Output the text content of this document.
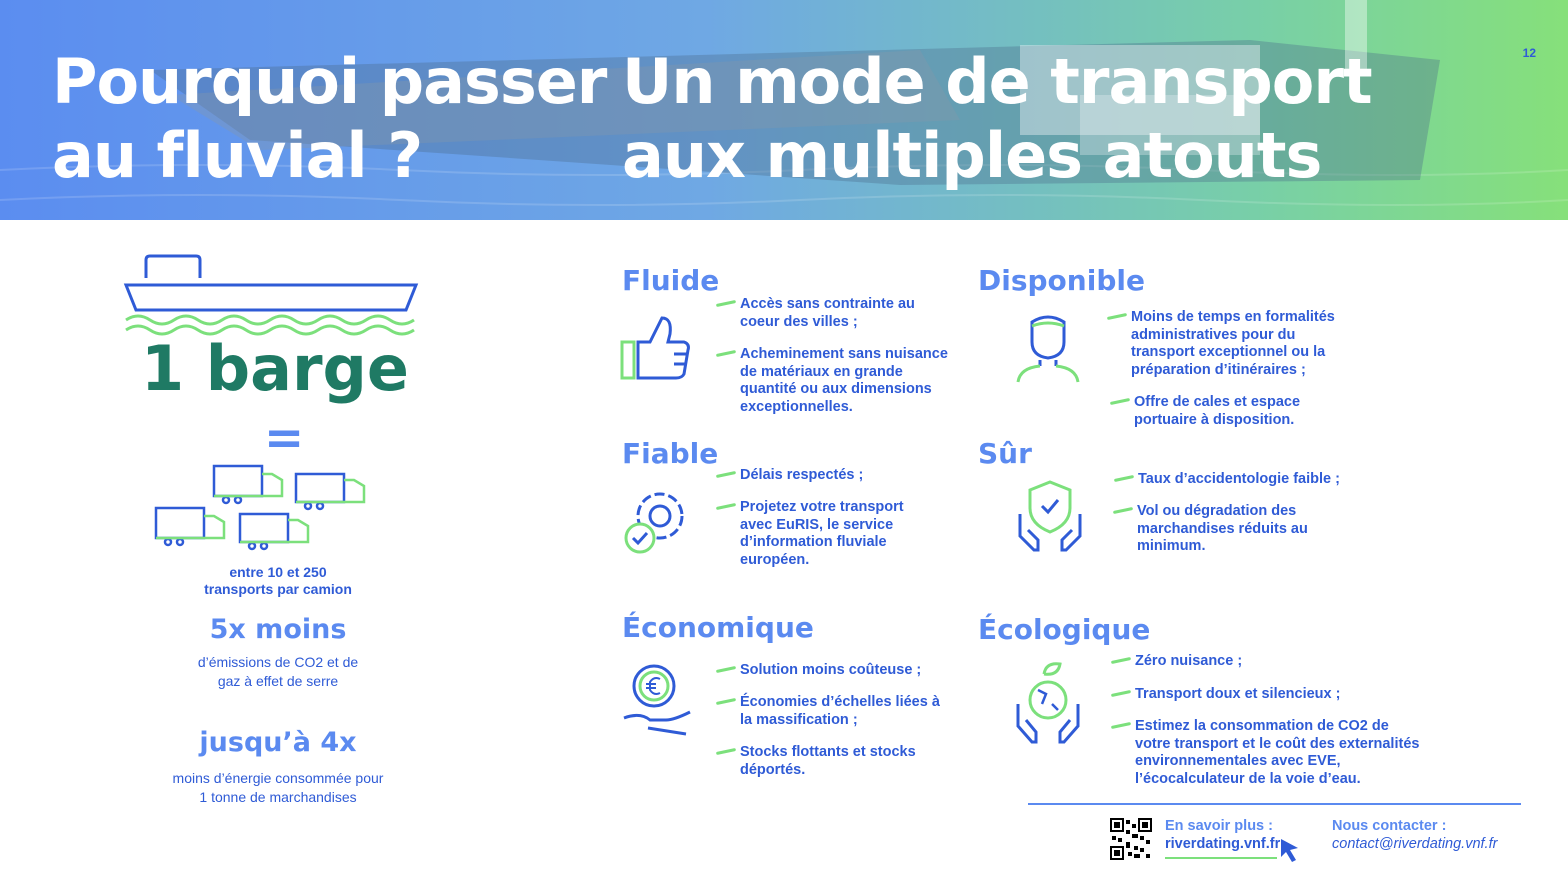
Pourquoi passer
au fluvial ?
Un mode de transport
aux multiples atouts
12
1 barge
=
entre 10 et 250
transports par camion
5x moins
d’émissions de CO2 et de
gaz à effet de serre
jusqu’à 4x
moins d’énergie consommée pour
1 tonne de marchandises
Fluide
Accès sans contrainte au coeur des villes ;
Acheminement sans nuisance de matériaux en grande quantité ou aux dimensions exceptionnelles.
Disponible
Moins de temps en formalités administratives pour du transport exceptionnel ou la préparation d’itinéraires ;
Offre de cales et espace portuaire à disposition.
Fiable
Délais respectés ;
Projetez votre transport avec EuRIS, le service d’information fluviale européen.
Sûr
Taux d’accidentologie faible ;
Vol ou dégradation des marchandises réduits au minimum.
Économique
Solution moins coûteuse ;
Économies d’échelles liées à la massification ;
Stocks flottants et stocks déportés.
Écologique
Zéro nuisance ;
Transport doux et silencieux ;
Estimez la consommation de CO2 de votre transport et le coût des externalités environnementales avec EVE, l’écocalculateur de la voie d’eau.
En savoir plus :
riverdating.vnf.fr
Nous contacter :
contact@riverdating.vnf.fr
